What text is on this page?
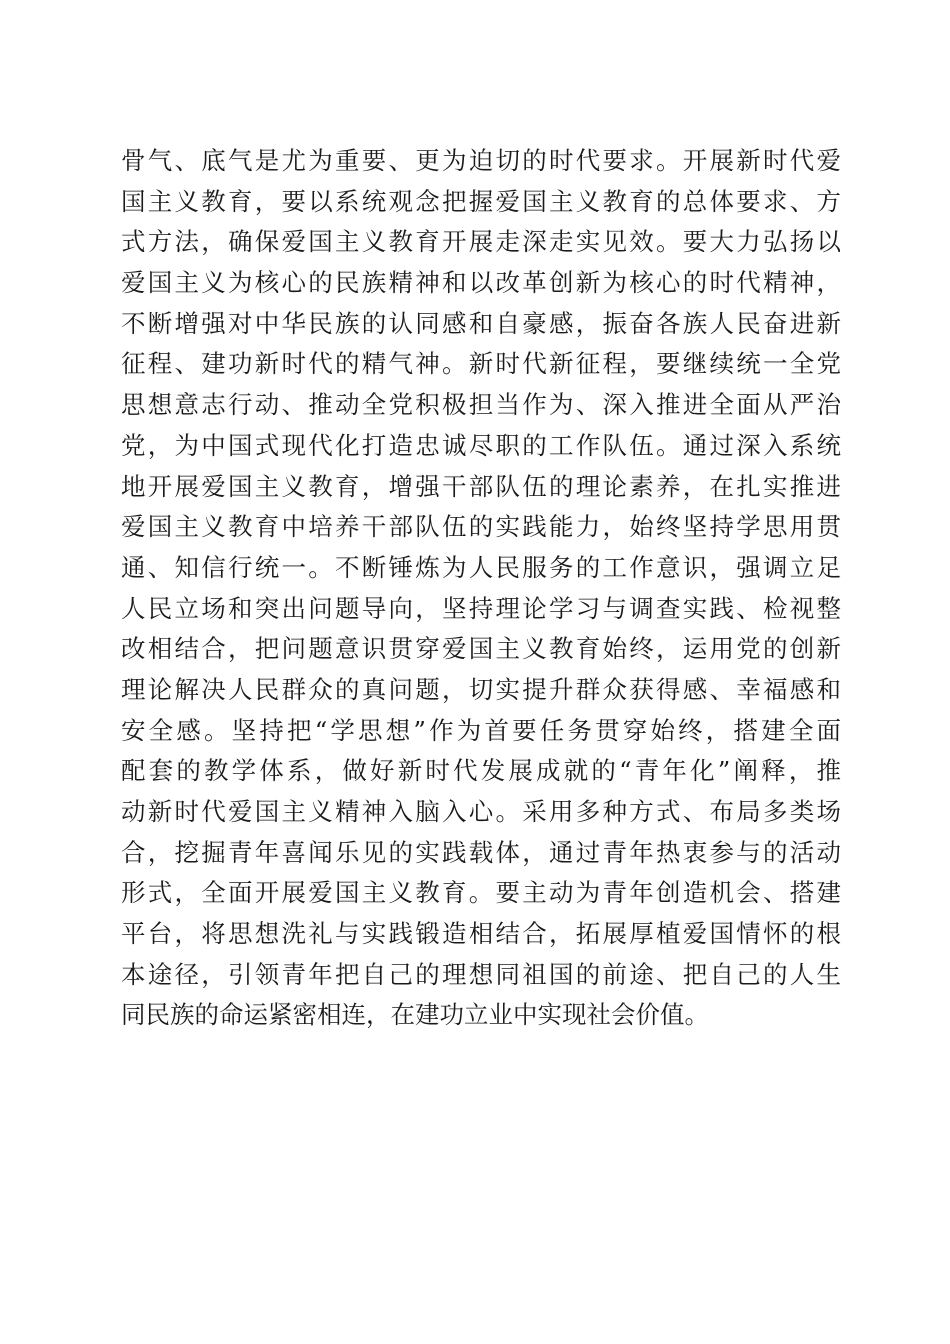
骨气、底气是尤为重要、更为迫切的时代要求。开展新时代爱
国主义教育，要以系统观念把握爱国主义教育的总体要求、方
式方法，确保爱国主义教育开展走深走实见效。要大力弘扬以
爱国主义为核心的民族精神和以改革创新为核心的时代精神，
不断增强对中华民族的认同感和自豪感，振奋各族人民奋进新
征程、建功新时代的精气神。新时代新征程，要继续统一全党
思想意志行动、推动全党积极担当作为、深入推进全面从严治
党，为中国式现代化打造忠诚尽职的工作队伍。通过深入系统
地开展爱国主义教育，增强干部队伍的理论素养，在扎实推进
爱国主义教育中培养干部队伍的实践能力，始终坚持学思用贯
通、知信行统一。不断锤炼为人民服务的工作意识，强调立足
人民立场和突出问题导向，坚持理论学习与调查实践、检视整
改相结合，把问题意识贯穿爱国主义教育始终，运用党的创新
理论解决人民群众的真问题，切实提升群众获得感、幸福感和
安全感。坚持把“学思想”作为首要任务贯穿始终，搭建全面
配套的教学体系，做好新时代发展成就的“青年化”阐释，推
动新时代爱国主义精神入脑入心。采用多种方式、布局多类场
合，挖掘青年喜闻乐见的实践载体，通过青年热衷参与的活动
形式，全面开展爱国主义教育。要主动为青年创造机会、搭建
平台，将思想洗礼与实践锻造相结合，拓展厚植爱国情怀的根
本途径，引领青年把自己的理想同祖国的前途、把自己的人生
同民族的命运紧密相连，在建功立业中实现社会价值。
